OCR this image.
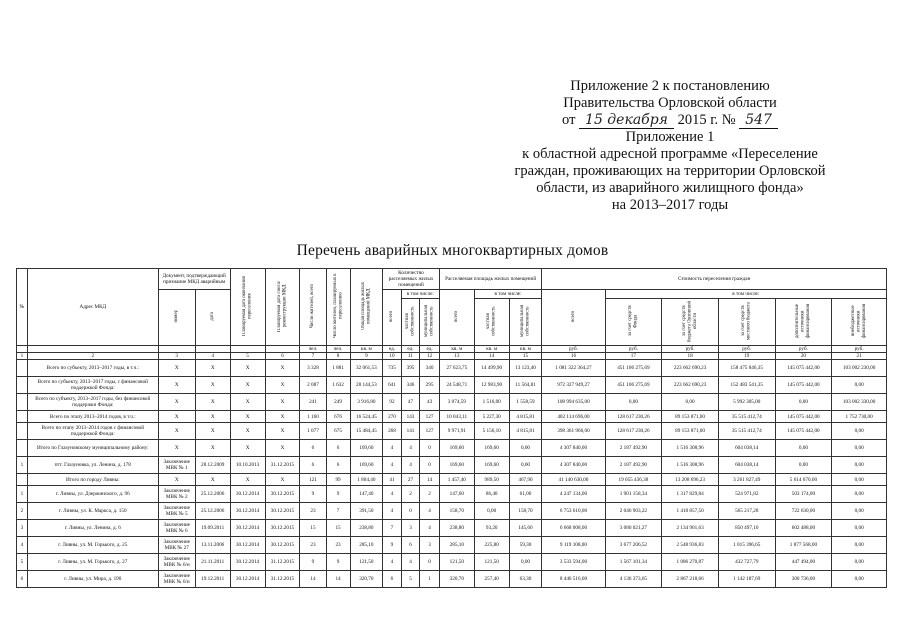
Приложение 2 к постановлению
Правительства Орловской области
от 15 декабря 2015 г. № 547
Приложение 1
к областной адресной программе «Переселение
граждан, проживающих на территории Орловской
области, из аварийного жилищного фонда»
на 2013–2017 годы
Перечень аварийных многоквартирных домов
№	Адрес МКД	Документ, подтверждающий признание МКД аварийным		Планируемая дата окончания переселения	Планируемая дата сноса/ реконструкции МКД	Число жителей, всего	Число жителей, планируемых к переселению	Общая площадь жилых помещений МКД	Количество расселяемых жилых помещений			Расселяемая площадь жилых помещений			Стоимость переселения граждан					
		номер	дата						всего	в том числе:		всего	в том числе:		всего	в том числе:				
										частная собственность	муниципальная собственность		частная собственность	муниципальная собственность		за счет средств Фонда	за счет средств бюджета Орловской области	за счет средств местного бюджета	дополнительные источники финансирования	внебюджетные источники финансирования
						чел.	чел.	кв. м	ед.	ед.	ед.	кв. м	кв. м	кв. м	руб.	руб.	руб.	руб.	руб.	руб.
1	2	3	4	5	6	7	8	9	10	11	12	13	14	15	16	17	18	19	20	21
	Всего по субъекту, 2013–2017 годы, в т.ч.:	X	X	X	X	3 328	1 881	32 061,53	735	395	340	27 623,75	14 499,90	13 123,40	1 081 322 364,27	451 106 275,69	223 662 690,23	158 475 846,35	145 075 442,00	103 002 230,00
	Всего по субъекту, 2013–2017 годы, с финансовой поддержкой Фонда:	X	X	X	X	2 087	1 632	28 144,53	641	346	295	24 548,71	12 983,90	11 564,81	972 327 949,27	451 106 275,69	223 662 690,23	152 483 541,35	145 075 442,00	0,00
	Всего по субъекту, 2013–2017 годы, без финансовой поддержки Фонда:	X	X	X	X	241	249	3 916,80	92	47	43	3 074,59	1 516,00	1 558,59	108 994 635,00	0,00	0,00	5 992 305,00	0,00	103 002 330,00
	Всего по этапу 2013–2014 годов, в т.ч.:	X	X	X	X	1 160	676	16 524,45	270	143	127	10 043,11	5 227,30	4 815,81	402 114 696,00	128 617 230,26	89 153 871,00	35 515 412,74	145 075 442,00	1 752 730,00
	Всего по этапу 2013–2014 годов с финансовой поддержкой Фонда:	X	X	X	X	1 077	675	15 484,45	268	141	127	9 971,91	5 156,10	4 815,81	398 361 966,00	128 617 230,26	89 153 871,00	35 515 412,74	145 075 442,00	0,00
	Итого по Глазуновскому муниципальному району:	X	X	X	X	6	6	169,60	4	4	0	169,60	169,60	0,00	4 307 840,00	2 187 492,90	1 516 308,96	604 038,14	0,00	0,00
1	пгт. Глазуновка, ул. Ленина, д. 178	Заключение МВК № 1	28.12.2009	10.10.2013	31.12.2015	6	6	169,60	4	4	0	169,60	169,60	0,00	4 307 840,00	2 187 492,90	1 516 308,96	604 038,14	0,00	0,00
	Итого по городу Ливны:	X	X	X	X	121	99	1 804,40	41	27	14	1 457,40	989,50	467,90	41 140 630,00	19 055 436,38	13 208 696,23	3 261 827,49	5 614 670,00	0,00
1	г. Ливны, ул. Дзержинского, д. 96	Заключение МВК № 2	25.12.2006	30.12.2014	30.12.2015	9	9	147,40	4	2	2	147,60	86,40	61,00	4 247 134,00	1 901 158,34	1 317 829,84	524 971,82	503 174,00	0,00
2	г. Ливны, ул. К. Маркса, д. 150	Заключение МВК № 5	25.12.2006	30.12.2014	30.12.2015	23	7	391,50	4	0	4	158,70	0,00	158,70	6 753 610,00	2 046 903,22	1 418 857,50	565 217,28	722 630,00	0,00
3	г. Ливны, ул. Ленина, д. 6	Заключение МВК № 6	19.09.2011	30.12.2014	30.12.2015	15	15	238,80	7	3	4	238,80	93,20	145,60	6 668 008,00	3 080 021,27	2 134 901,63	850 497,10	602 488,00	0,00
4	г. Ливны, ул. М. Горького, д. 25	Заключение МВК № 27	13.11.2006	30.12.2014	30.12.2015	23	23	285,10	9	6	3	285,10	225,80	59,30	9 119 108,00	3 677 206,52	2 548 936,83	1 015 396,65	1 877 568,00	0,00
5	г. Ливны, ул. М. Горького, д. 27	Заключение МВК № 6/н	21.11.2011	30.12.2014	31.12.2015	9	9	121,50	4	4	0	121,50	121,50	0,00	3 533 594,00	1 567 101,34	1 086 270,87	432 727,79	447 494,00	0,00
6	г. Ливны, ул. Мира, д. 190	Заключение МВК № 6/н	19.12.2011	30.12.2014	31.12.2015	14	14	320,70	6	5	1	320,70	257,40	63,30	8 446 516,00	4 136 373,65	2 867 218,66	1 142 187,69	300 736,00	0,00
